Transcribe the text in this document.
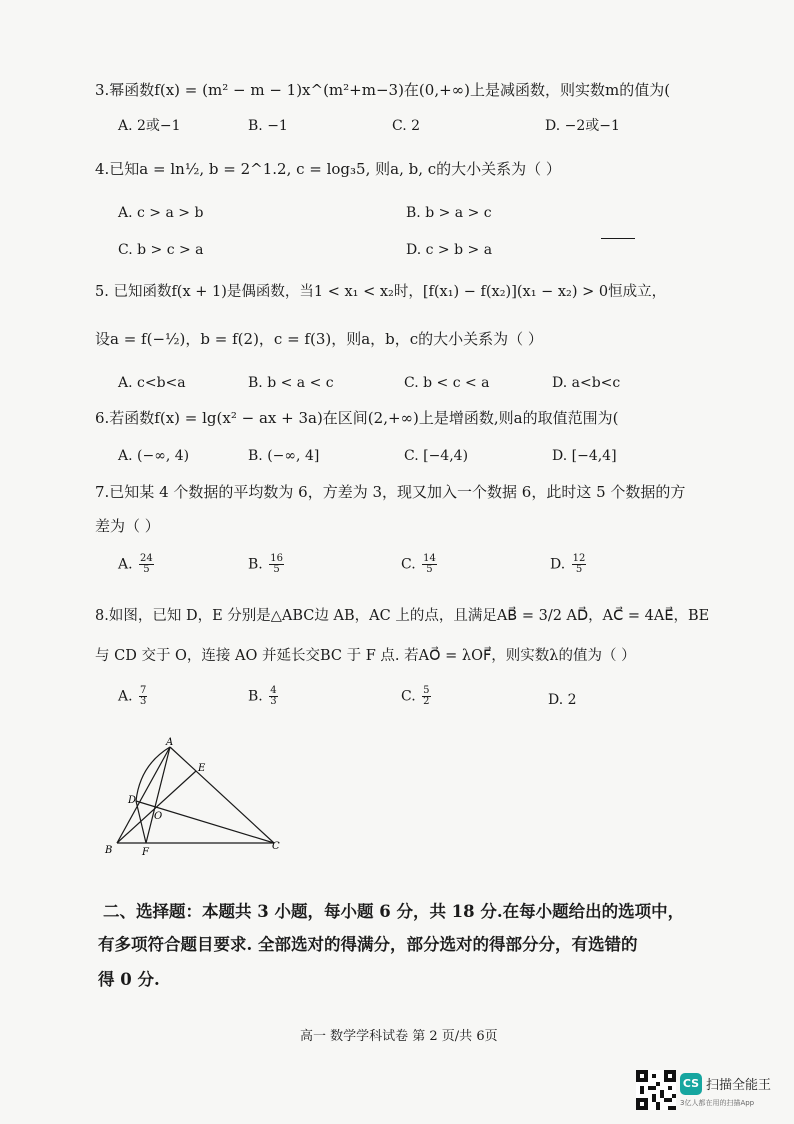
3.幂函数f(x) = (m² − m − 1)x^(m²+m−3)在(0,+∞)上是减函数，则实数m的值为(
A. 2或−1	B. −1	C. 2	D. −2或−1
4.已知a = ln½, b = 2^1.2, c = log₃5, 则a, b, c的大小关系为（ ）
A. c > a > b	B. b > a > c
C. b > c > a	D. c > b > a
5. 已知函数f(x + 1)是偶函数，当1 < x₁ < x₂时，[f(x₁) − f(x₂)](x₁ − x₂) > 0恒成立，
设a = f(−½)，b = f(2)，c = f(3)，则a，b，c的大小关系为（ ）
A. c<b<a	B. b < a < c	C. b < c < a	D. a<b<c
6.若函数f(x) = lg(x² − ax + 3a)在区间(2,+∞)上是增函数,则a的取值范围为(
A. (−∞, 4)	B. (−∞, 4]	C. [−4,4)	D. [−4,4]
7.已知某 4 个数据的平均数为 6，方差为 3，现又加入一个数据 6，此时这 5 个数据的方
差为（ ）
A. $\frac{24}{5}$	B. $\frac{16}{5}$	C. $\frac{14}{5}$	D. $\frac{12}{5}$
8.如图，已知 D，E 分别是△ABC边 AB，AC 上的点，且满足AB⃗ = 3/2 AD⃗，AC⃗ = 4AE⃗，BE
与 CD 交于 O，连接 AO 并延长交BC 于 F 点. 若AO⃗ = λOF⃗，则实数λ的值为（ ）
A. $\frac{7}{3}$	B. $\frac{4}{3}$	C. $\frac{5}{2}$	D. 2
A
E
D
O
B	F
C
二、选择题：本题共 3 小题，每小题 6 分，共 18 分.在每小题给出的选项中，
有多项符合题目要求. 全部选对的得满分，部分选对的得部分分，有选错的
得 0 分.
高一 数学学科试卷 第 2 页/共 6页
CS 扫描全能王
3亿人都在用的扫描App
